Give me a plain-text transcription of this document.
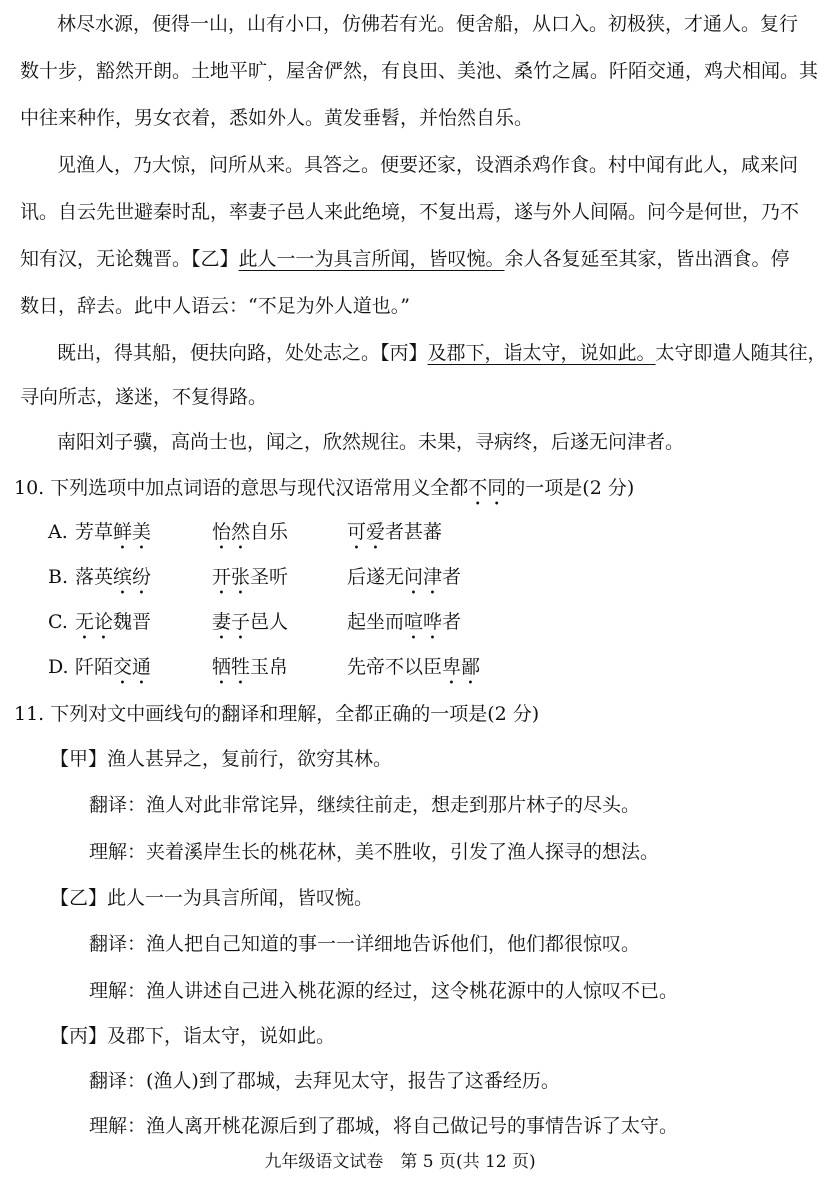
林尽水源，便得一山，山有小口，仿佛若有光。便舍船，从口入。初极狭，才通人。复行
数十步，豁然开朗。土地平旷，屋舍俨然，有良田、美池、桑竹之属。阡陌交通，鸡犬相闻。其
中往来种作，男女衣着，悉如外人。黄发垂髫，并怡然自乐。
见渔人，乃大惊，问所从来。具答之。便要还家，设酒杀鸡作食。村中闻有此人，咸来问
讯。自云先世避秦时乱，率妻子邑人来此绝境，不复出焉，遂与外人间隔。问今是何世，乃不
知有汉，无论魏晋。【乙】此人一一为具言所闻，皆叹惋。余人各复延至其家，皆出酒食。停
数日，辞去。此中人语云：“不足为外人道也。”
既出，得其船，便扶向路，处处志之。【丙】及郡下，诣太守，说如此。太守即遣人随其往，
寻向所志，遂迷，不复得路。
南阳刘子骥，高尚士也，闻之，欣然规往。未果，寻病终，后遂无问津者。
10. 下列选项中加点词语的意思与现代汉语常用义全都不同的一项是(2 分)
A. 芳草鲜美	怡然自乐	可爱者甚蕃
B. 落英缤纷	开张圣听	后遂无问津者
C. 无论魏晋	妻子邑人	起坐而喧哗者
D. 阡陌交通	牺牲玉帛	先帝不以臣卑鄙
11. 下列对文中画线句的翻译和理解，全都正确的一项是(2 分)
【甲】渔人甚异之，复前行，欲穷其林。
翻译：渔人对此非常诧异，继续往前走，想走到那片林子的尽头。
理解：夹着溪岸生长的桃花林，美不胜收，引发了渔人探寻的想法。
【乙】此人一一为具言所闻，皆叹惋。
翻译：渔人把自己知道的事一一详细地告诉他们，他们都很惊叹。
理解：渔人讲述自己进入桃花源的经过，这令桃花源中的人惊叹不已。
【丙】及郡下，诣太守，说如此。
翻译：(渔人)到了郡城，去拜见太守，报告了这番经历。
理解：渔人离开桃花源后到了郡城，将自己做记号的事情告诉了太守。
九年级语文试卷　第 5 页(共 12 页)
